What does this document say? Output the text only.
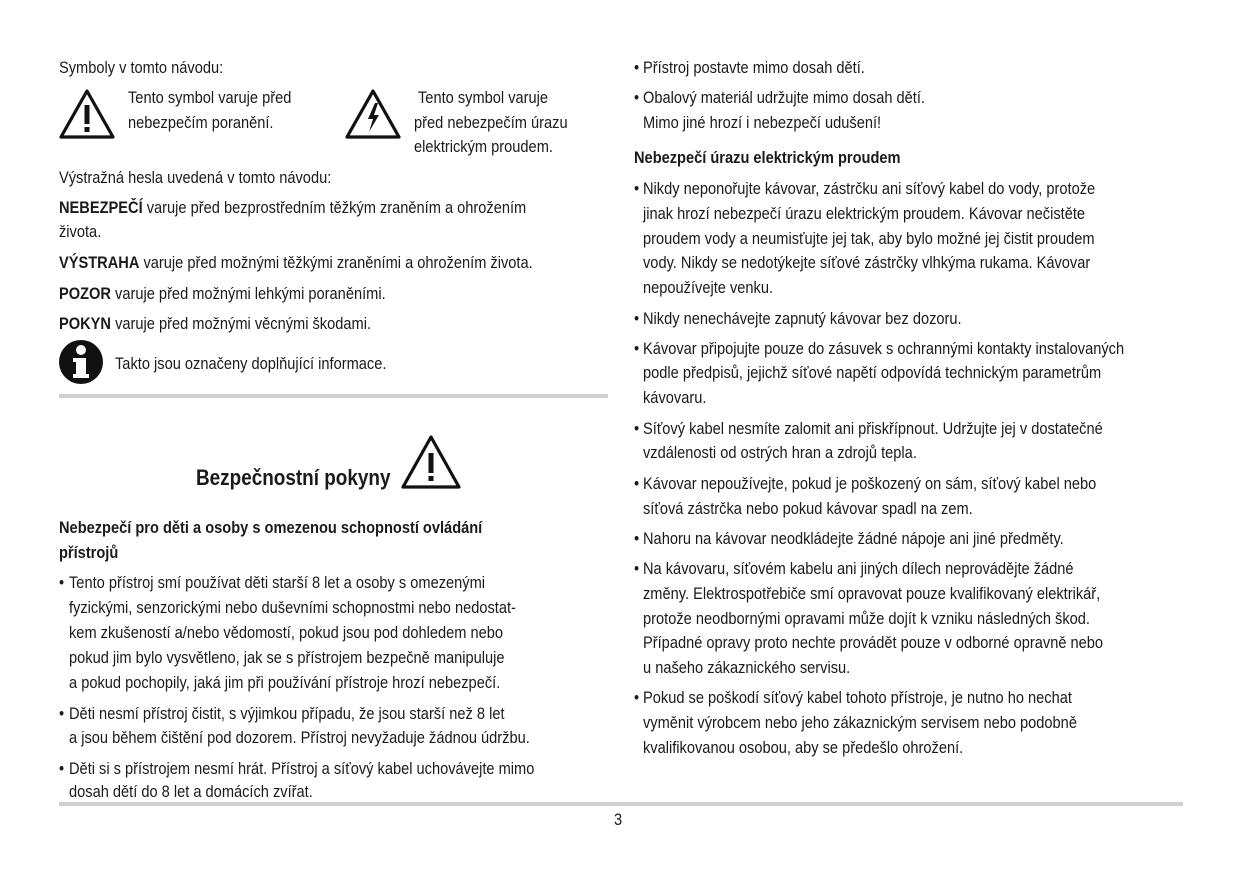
Symboly v tomto návodu:
Tento symbol varuje před
nebezpečím poranění.
Tento symbol varuje
před nebezpečím úrazu
elektrickým proudem.
Výstražná hesla uvedená v tomto návodu:
NEBEZPEČÍ varuje před bezprostředním těžkým zraněním a ohrožením
života.
VÝSTRAHA varuje před možnými těžkými zraněními a ohrožením života.
POZOR varuje před možnými lehkými poraněními.
POKYN varuje před možnými věcnými škodami.
Takto jsou označeny doplňující informace.
Bezpečnostní pokyny
Nebezpečí pro děti a osoby s omezenou schopností ovládání
přístrojů
• Tento přístroj smí používat děti starší 8 let a osoby s omezenými
fyzickými, senzorickými nebo duševními schopnostmi nebo nedostat-
kem zkušeností a/nebo vědomostí, pokud jsou pod dohledem nebo
pokud jim bylo vysvětleno, jak se s přístrojem bezpečně manipuluje
a pokud pochopily, jaká jim při používání přístroje hrozí nebezpečí.
• Děti nesmí přístroj čistit, s výjimkou případu, že jsou starší než 8 let
a jsou během čištění pod dozorem. Přístroj nevyžaduje žádnou údržbu.
• Děti si s přístrojem nesmí hrát. Přístroj a síťový kabel uchovávejte mimo
dosah dětí do 8 let a domácích zvířat.
• Přístroj postavte mimo dosah dětí.
• Obalový materiál udržujte mimo dosah dětí.
Mimo jiné hrozí i nebezpečí udušení!
Nebezpečí úrazu elektrickým proudem
• Nikdy neponořujte kávovar, zástrčku ani síťový kabel do vody, protože
jinak hrozí nebezpečí úrazu elektrickým proudem. Kávovar nečistěte
proudem vody a neumisťujte jej tak, aby bylo možné jej čistit proudem
vody. Nikdy se nedotýkejte síťové zástrčky vlhkýma rukama. Kávovar
nepoužívejte venku.
• Nikdy nenechávejte zapnutý kávovar bez dozoru.
• Kávovar připojujte pouze do zásuvek s ochrannými kontakty instalovaných
podle předpisů, jejichž síťové napětí odpovídá technickým parametrům
kávovaru.
• Síťový kabel nesmíte zalomit ani přiskřípnout. Udržujte jej v dostatečné
vzdálenosti od ostrých hran a zdrojů tepla.
• Kávovar nepoužívejte, pokud je poškozený on sám, síťový kabel nebo
síťová zástrčka nebo pokud kávovar spadl na zem.
• Nahoru na kávovar neodkládejte žádné nápoje ani jiné předměty.
• Na kávovaru, síťovém kabelu ani jiných dílech neprovádějte žádné
změny. Elektrospotřebiče smí opravovat pouze kvalifikovaný elektrikář,
protože neodbornými opravami může dojít k vzniku následných škod.
Případné opravy proto nechte provádět pouze v odborné opravně nebo
u našeho zákaznického servisu.
• Pokud se poškodí síťový kabel tohoto přístroje, je nutno ho nechat
vyměnit výrobcem nebo jeho zákaznickým servisem nebo podobně
kvalifikovanou osobou, aby se předešlo ohrožení.
3
